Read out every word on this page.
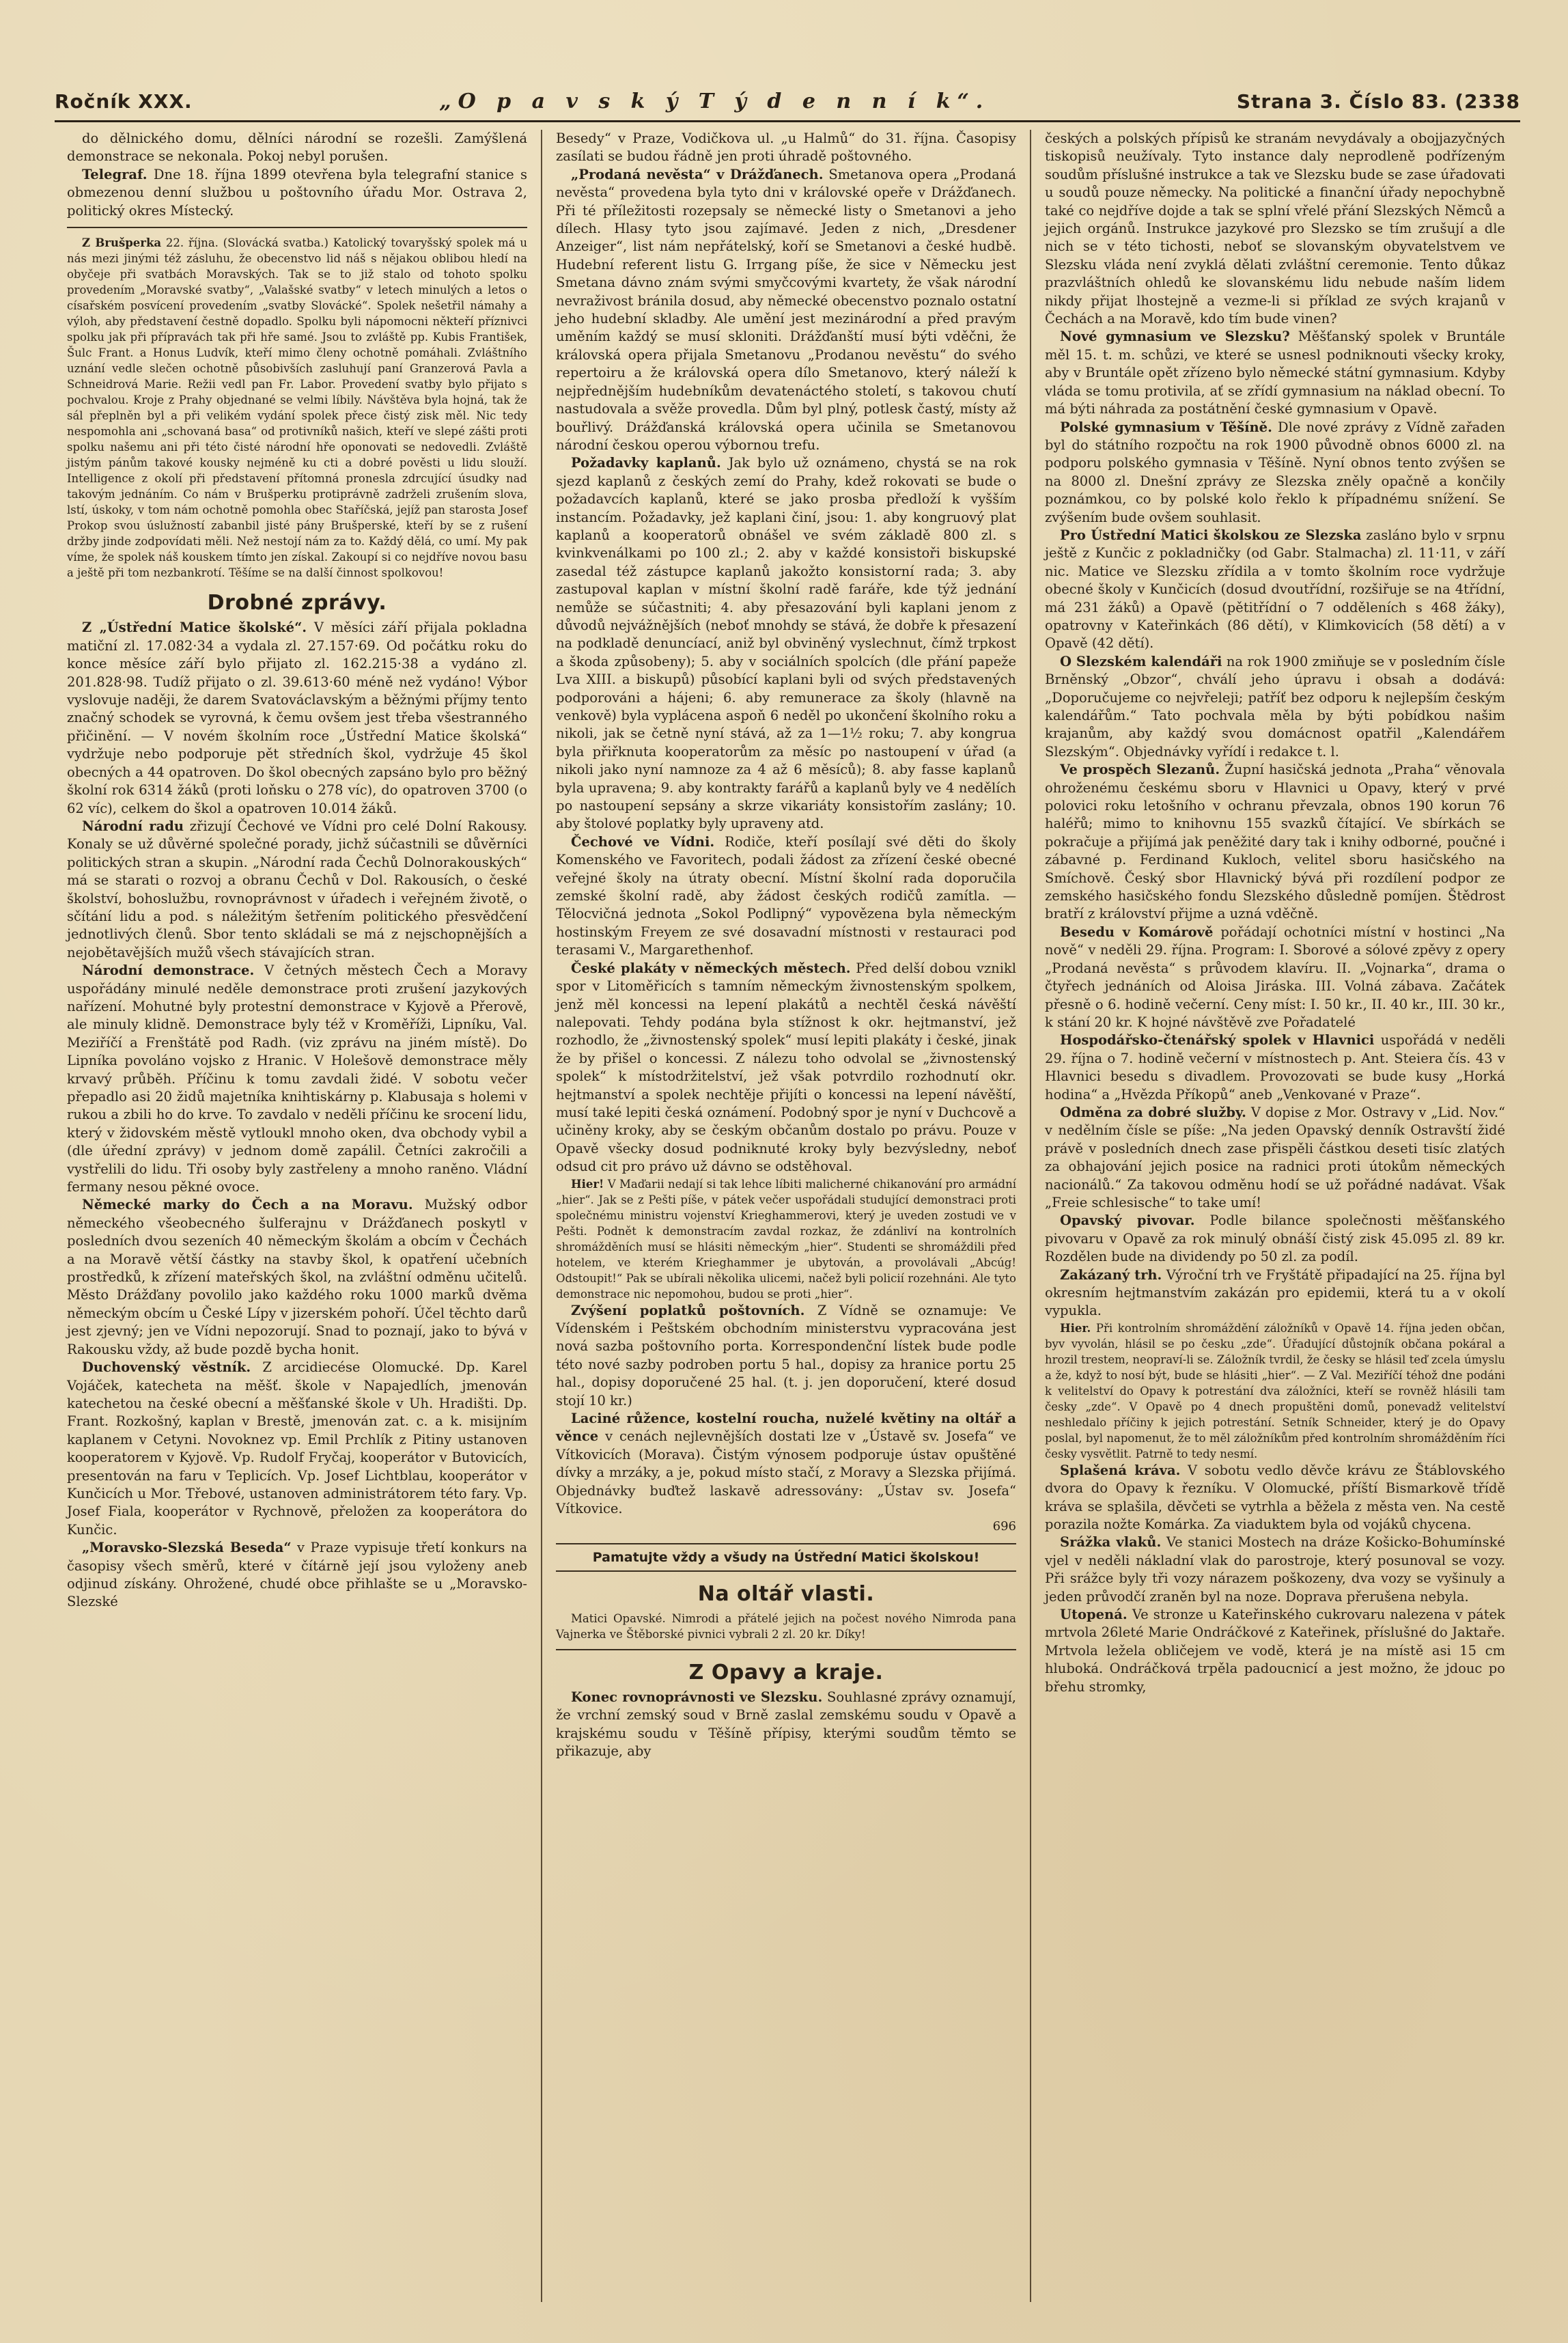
Ročník XXX.	„O p a v s k ý T ý d e n n í k“.	Strana 3. Číslo 83. (2338

do dělnického domu, dělníci národní se rozešli. Zamýšlená demonstrace se nekonala. Pokoj nebyl porušen.

Telegraf. Dne 18. října 1899 otevřena byla telegrafní stanice s obmezenou denní službou u poštovního úřadu Mor. Ostrava 2, politický okres Místecký.

Z Brušperka 22. října. (Slovácká svatba.) Katolický tovaryšský spolek má u nás mezi jinými též zásluhu, že obecenstvo lid náš s nějakou oblibou hledí na obyčeje při svatbách Moravských. Tak se to již stalo od tohoto spolku provedením „Moravské svatby“, „Valašské svatby“ v letech minulých a letos o císařském posvícení provedením „svatby Slovácké“. Spolek nešetřil námahy a výloh, aby představení čestně dopadlo. Spolku byli nápomocni někteří příznivci spolku jak při přípravách tak při hře samé. Jsou to zvláště pp. Kubis František, Šulc Frant. a Honus Ludvík, kteří mimo členy ochotně pomáhali. Zvláštního uznání vedle slečen ochotně působivších zasluhují paní Granzerová Pavla a Schneidrová Marie. Režii vedl pan Fr. Labor. Provedení svatby bylo přijato s pochvalou. Kroje z Prahy objednané se velmi líbily. Návštěva byla hojná, tak že sál přeplněn byl a při velikém vydání spolek přece čistý zisk měl. Nic tedy nespomohla ani „schovaná basa“ od protivníků našich, kteří ve slepé zášti proti spolku našemu ani při této čisté národní hře oponovati se nedovedli. Zvláště jistým pánům takové kousky nejméně ku cti a dobré pověsti u lidu slouží. Intelligence z okolí při představení přítomná pronesla zdrcující úsudky nad takovým jednáním. Co nám v Brušperku protiprávně zadrželi zrušením slova, lstí, úskoky, v tom nám ochotně pomohla obec Staříčská, jejíž pan starosta Josef Prokop svou úslužností zabanbil jisté pány Brušperské, kteří by se z rušení držby jinde zodpovídati měli. Než nestojí nám za to. Každý dělá, co umí. My pak víme, že spolek náš kouskem tímto jen získal. Zakoupí si co nejdříve novou basu a ještě při tom nezbankrotí. Těšíme se na další činnost spolkovou!

Drobné zprávy.

Z „Ústřední Matice školské“. V měsíci září přijala pokladna matiční zl. 17.082·34 a vydala zl. 27.157·69. Od počátku roku do konce měsíce září bylo přijato zl. 162.215·38 a vydáno zl. 201.828·98. Tudíž přijato o zl. 39.613·60 méně než vydáno! Výbor vyslovuje naději, že darem Svatováclavským a běžnými příjmy tento značný schodek se vyrovná, k čemu ovšem jest třeba všestranného přičinění. — V novém školním roce „Ústřední Matice školská“ vydržuje nebo podporuje pět středních škol, vydržuje 45 škol obecných a 44 opatroven. Do škol obecných zapsáno bylo pro běžný školní rok 6314 žáků (proti loňsku o 278 víc), do opatroven 3700 (o 62 víc), celkem do škol a opatroven 10.014 žáků.

Národní radu zřizují Čechové ve Vídni pro celé Dolní Rakousy. Konaly se už důvěrné společné porady, jichž súčastnili se důvěrníci politických stran a skupin. „Národní rada Čechů Dolnorakouských“ má se starati o rozvoj a obranu Čechů v Dol. Rakousích, o české školství, bohoslužbu, rovnoprávnost v úřadech i veřejném životě, o sčítání lidu a pod. s náležitým šetřením politického přesvědčení jednotlivých členů. Sbor tento skládali se má z nejschopnějších a nejobětavějších mužů všech stávajících stran.

Národní demonstrace. V četných městech Čech a Moravy uspořádány minulé neděle demonstrace proti zrušení jazykových nařízení. Mohutné byly protestní demonstrace v Kyjově a Přerově, ale minuly klidně. Demonstrace byly též v Kroměříži, Lipníku, Val. Meziříčí a Frenštátě pod Radh. (viz zprávu na jiném místě). Do Lipníka povoláno vojsko z Hranic. V Holešově demonstrace měly krvavý průběh. Příčinu k tomu zavdali židé. V sobotu večer přepadlo asi 20 židů majetníka knihtiskárny p. Klabusaja s holemi v rukou a zbili ho do krve. To zavdalo v neděli příčinu ke srocení lidu, který v židovském městě vytloukl mnoho oken, dva obchody vybil a (dle úřední zprávy) v jednom domě zapálil. Četníci zakročili a vystřelili do lidu. Tři osoby byly zastřeleny a mnoho raněno. Vládní fermany nesou pěkné ovoce.

Německé marky do Čech a na Moravu. Mužský odbor německého všeobecného šulferajnu v Drážďanech poskytl v posledních dvou sezeních 40 německým školám a obcím v Čechách a na Moravě větší částky na stavby škol, k opatření učebních prostředků, k zřízení mateřských škol, na zvláštní odměnu učitelů. Město Drážďany povolilo jako každého roku 1000 marků dvěma německým obcím u České Lípy v jizerském pohoří. Účel těchto darů jest zjevný; jen ve Vídni nepozorují. Snad to poznají, jako to bývá v Rakousku vždy, až bude pozdě bycha honit.

Duchovenský věstník. Z arcidiecése Olomucké. Dp. Karel Vojáček, katecheta na měšť. škole v Napajedlích, jmenován katechetou na české obecní a měšťanské škole v Uh. Hradišti. Dp. Frant. Rozkošný, kaplan v Brestě, jmenován zat. c. a k. misijním kaplanem v Cetyni. Novoknez vp. Emil Prchlík z Pitiny ustanoven kooperatorem v Kyjově. Vp. Rudolf Fryčaj, kooperátor v Butovicích, presentován na faru v Teplicích. Vp. Josef Lichtblau, kooperátor v Kunčicích u Mor. Třebové, ustanoven administrátorem této fary. Vp. Josef Fiala, kooperátor v Rychnově, přeložen za kooperátora do Kunčic.

„Moravsko-Slezská Beseda“ v Praze vypisuje třetí konkurs na časopisy všech směrů, které v čítárně její jsou vyloženy aneb odjinud získány. Ohrožené, chudé obce přihlašte se u „Moravsko-Slezské

Besedy“ v Praze, Vodičkova ul. „u Halmů“ do 31. října. Časopisy zasílati se budou řádně jen proti úhradě poštovného.

„Prodaná nevěsta“ v Drážďanech. Smetanova opera „Prodaná nevěsta“ provedena byla tyto dni v královské opeře v Drážďanech. Při té příležitosti rozepsaly se německé listy o Smetanovi a jeho dílech. Hlasy tyto jsou zajímavé. Jeden z nich, „Dresdener Anzeiger“, list nám nepřátelský, koří se Smetanovi a české hudbě. Hudební referent listu G. Irrgang píše, že sice v Německu jest Smetana dávno znám svými smyčcovými kvartety, že však národní nevraživost bránila dosud, aby německé obecenstvo poznalo ostatní jeho hudební skladby. Ale umění jest mezinárodní a před pravým uměním každý se musí skloniti. Drážďanští musí býti vděčni, že královská opera přijala Smetanovu „Prodanou nevěstu“ do svého repertoiru a že královská opera dílo Smetanovo, který náleží k nejpřednějším hudebníkům devatenáctého století, s takovou chutí nastudovala a svěže provedla. Dům byl plný, potlesk častý, místy až bouřlivý. Drážďanská královská opera učinila se Smetanovou národní českou operou výbornou trefu.

Požadavky kaplanů. Jak bylo už oznámeno, chystá se na rok sjezd kaplanů z českých zemí do Prahy, kdež rokovati se bude o požadavcích kaplanů, které se jako prosba předloží k vyšším instancím. Požadavky, jež kaplani činí, jsou: 1. aby kongruový plat kaplanů a kooperatorů obnášel ve svém základě 800 zl. s kvinkvenálkami po 100 zl.; 2. aby v každé konsistoři biskupské zasedal též zástupce kaplanů jakožto konsistorní rada; 3. aby zastupoval kaplan v místní školní radě faráře, kde týž jednání nemůže se súčastniti; 4. aby přesazování byli kaplani jenom z důvodů nejvážnějších (neboť mnohdy se stává, že dobře k přesazení na podkladě denuncíací, aniž byl obviněný vyslechnut, čímž trpkost a škoda způsobeny); 5. aby v sociálních spolcích (dle přání papeže Lva XIII. a biskupů) působící kaplani byli od svých představených podporováni a hájeni; 6. aby remunerace za školy (hlavně na venkově) byla vyplácena aspoň 6 neděl po ukončení školního roku a nikoli, jak se četně nyní stává, až za 1—1½ roku; 7. aby kongrua byla přiřknuta kooperatorům za měsíc po nastoupení v úřad (a nikoli jako nyní namnoze za 4 až 6 měsíců); 8. aby fasse kaplanů byla upravena; 9. aby kontrakty farářů a kaplanů byly ve 4 nedělích po nastoupení sepsány a skrze vikariáty konsistořím zaslány; 10. aby štolové poplatky byly upraveny atd.

Čechové ve Vídni. Rodiče, kteří posílají své děti do školy Komenského ve Favoritech, podali žádost za zřízení české obecné veřejné školy na útraty obecní. Místní školní rada doporučila zemské školní radě, aby žádost českých rodičů zamítla. — Tělocvičná jednota „Sokol Podlipný“ vypovězena byla německým hostinským Freyem ze své dosavadní místnosti v restauraci pod terasami V., Margarethenhof.

České plakáty v německých městech. Před delší dobou vznikl spor v Litoměřicích s tamním německým živnostenským spolkem, jenž měl koncessi na lepení plakátů a nechtěl česká návěští nalepovati. Tehdy podána byla stížnost k okr. hejtmanství, jež rozhodlo, že „živnostenský spolek“ musí lepiti plakáty i české, jinak že by přišel o koncessi. Z nálezu toho odvolal se „živnostenský spolek“ k místodržitelství, jež však potvrdilo rozhodnutí okr. hejtmanství a spolek nechtěje přijíti o koncessi na lepení návěští, musí také lepiti česká oznámení. Podobný spor je nyní v Duchcově a učiněny kroky, aby se českým občanům dostalo po právu. Pouze v Opavě všecky dosud podniknuté kroky byly bezvýsledny, neboť odsud cit pro právo už dávno se odstěhoval.

Hier! V Maďarii nedají si tak lehce líbiti malicherné chikanování pro armádní „hier“. Jak se z Pešti píše, v pátek večer uspořádali studující demonstraci proti společnému ministru vojenství Krieghammerovi, který je uveden zostudi ve v Pešti. Podnět k demonstracím zavdal rozkaz, že zdánliví na kontrolních shromážděních musí se hlásiti německým „hier“. Studenti se shromáždili před hotelem, ve kterém Krieghammer je ubytován, a provolávali „Abcúg! Odstoupit!“ Pak se ubírali několika ulicemi, načež byli policií rozehnáni. Ale tyto demonstrace nic nepomohou, budou se proti „hier“.

Zvýšení poplatků poštovních. Z Vídně se oznamuje: Ve Vídenském i Peštském obchodním ministerstvu vypracována jest nová sazba poštovního porta. Korrespondenční lístek bude podle této nové sazby podroben portu 5 hal., dopisy za hranice portu 25 hal., dopisy doporučené 25 hal. (t. j. jen doporučení, které dosud stojí 10 kr.)

Laciné růžence, kostelní roucha, nuželé květiny na oltář a věnce v cenách nejlevnějších dostati lze v „Ústavě sv. Josefa“ ve Vítkovicích (Morava). Čistým výnosem podporuje ústav opuštěné dívky a mrzáky, a je, pokud místo stačí, z Moravy a Slezska přijímá. Objednávky buďtež laskavě adressovány: „Ústav sv. Josefa“ Vítkovice.

696
Pamatujte vždy a všudy na Ústřední Matici školskou!
Na oltář vlasti.

Matici Opavské. Nimrodi a přátelé jejich na počest nového Nimroda pana Vajnerka ve Štěborské pivnici vybrali 2 zl. 20 kr. Díky!

Z Opavy a kraje.

Konec rovnoprávnosti ve Slezsku. Souhlasné zprávy oznamují, že vrchní zemský soud v Brně zaslal zemskému soudu v Opavě a krajskému soudu v Těšíně přípisy, kterými soudům těmto se přikazuje, aby

českých a polských přípisů ke stranám nevydávaly a obojjazyčných tiskopisů neužívaly. Tyto instance daly neprodleně podřízeným soudům příslušné instrukce a tak ve Slezsku bude se zase úřadovati u soudů pouze německy. Na politické a finanční úřady nepochybně také co nejdříve dojde a tak se splní vřelé přání Slezských Němců a jejich orgánů. Instrukce jazykové pro Slezsko se tím zrušují a dle nich se v této tichosti, neboť se slovanským obyvatelstvem ve Slezsku vláda není zvyklá dělati zvláštní ceremonie. Tento důkaz prazvláštních ohledů ke slovanskému lidu nebude naším lidem nikdy přijat lhostejně a vezme-li si příklad ze svých krajanů v Čechách a na Moravě, kdo tím bude vinen?

Nové gymnasium ve Slezsku? Měšťanský spolek v Bruntále měl 15. t. m. schůzi, ve které se usnesl podniknouti všecky kroky, aby v Bruntále opět zřízeno bylo německé státní gymnasium. Kdyby vláda se tomu protivila, ať se zřídí gymnasium na náklad obecní. To má býti náhrada za postátnění české gymnasium v Opavě.

Polské gymnasium v Těšíně. Dle nové zprávy z Vídně zařaden byl do státního rozpočtu na rok 1900 původně obnos 6000 zl. na podporu polského gymnasia v Těšíně. Nyní obnos tento zvýšen se na 8000 zl. Dnešní zprávy ze Slezska zněly opačně a končily poznámkou, co by polské kolo řeklo k případnému snížení. Se zvýšením bude ovšem souhlasit.

Pro Ústřední Matici školskou ze Slezska zasláno bylo v srpnu ještě z Kunčic z pokladničky (od Gabr. Stalmacha) zl. 11·11, v září nic. Matice ve Slezsku zřídila a v tomto školním roce vydržuje obecné školy v Kunčicích (dosud dvoutřídní, rozšiřuje se na 4třídní, má 231 žáků) a Opavě (pětitřídní o 7 odděleních s 468 žáky), opatrovny v Kateřinkách (86 dětí), v Klimkovicích (58 dětí) a v Opavě (42 dětí).

O Slezském kalendáři na rok 1900 zmiňuje se v posledním čísle Brněnský „Obzor“, chválí jeho úpravu i obsah a dodává: „Doporučujeme co nejvřeleji; patříť bez odporu k nejlepším českým kalendářům.“ Tato pochvala měla by býti pobídkou našim krajanům, aby každý svou domácnost opatřil „Kalendářem Slezským“. Objednávky vyřídí i redakce t. l.

Ve prospěch Slezanů. Župní hasičská jednota „Praha“ věnovala ohroženému českému sboru v Hlavnici u Opavy, který v prvé polovici roku letošního v ochranu převzala, obnos 190 korun 76 haléřů; mimo to knihovnu 155 svazků čítající. Ve sbírkách se pokračuje a přijímá jak peněžité dary tak i knihy odborné, poučné i zábavné p. Ferdinand Kukloch, velitel sboru hasičského na Smíchově. Český sbor Hlavnický bývá při rozdílení podpor ze zemského hasičského fondu Slezského důsledně pomíjen. Štědrost bratří z království přijme a uzná vděčně.

Besedu v Komárově pořádají ochotníci místní v hostinci „Na nově“ v neděli 29. října. Program: I. Sborové a sólové zpěvy z opery „Prodaná nevěsta“ s průvodem klavíru. II. „Vojnarka“, drama o čtyřech jednáních od Aloisa Jiráska. III. Volná zábava. Začátek přesně o 6. hodině večerní. Ceny míst: I. 50 kr., II. 40 kr., III. 30 kr., k stání 20 kr. K hojné návštěvě zve Pořadatelé

Hospodářsko-čtenářský spolek v Hlavnici uspořádá v neděli 29. října o 7. hodině večerní v místnostech p. Ant. Steiera čís. 43 v Hlavnici besedu s divadlem. Provozovati se bude kusy „Horká hodina“ a „Hvězda Příkopů“ aneb „Venkované v Praze“.

Odměna za dobré služby. V dopise z Mor. Ostravy v „Lid. Nov.“ v nedělním čísle se píše: „Na jeden Opavský denník Ostravští židé právě v posledních dnech zase přispěli částkou deseti tisíc zlatých za obhajování jejich posice na radnici proti útokům německých nacionálů.“ Za takovou odměnu hodí se už pořádné nadávat. Však „Freie schlesische“ to take umí!

Opavský pivovar. Podle bilance společnosti měšťanského pivovaru v Opavě za rok minulý obnáší čistý zisk 45.095 zl. 89 kr. Rozdělen bude na dividendy po 50 zl. za podíl.

Zakázaný trh. Výroční trh ve Fryštátě připadající na 25. října byl okresním hejtmanstvím zakázán pro epidemii, která tu a v okolí vypukla.

Hier. Při kontrolním shromáždění záložníků v Opavě 14. října jeden občan, byv vyvolán, hlásil se po česku „zde“. Úřadující důstojník občana pokáral a hrozil trestem, neopraví-li se. Záložník tvrdil, že česky se hlásil teď zcela úmyslu a že, když to nosí být, bude se hlásiti „hier“. — Z Val. Meziříčí téhož dne podáni k velitelství do Opavy k potrestání dva záložníci, kteří se rovněž hlásili tam česky „zde“. V Opavě po 4 dnech propuštěni domů, ponevadž velitelství neshledalo příčiny k jejich potrestání. Setník Schneider, který je do Opavy poslal, byl napomenut, že to měl záložníkům před kontrolním shromážděním říci česky vysvětlit. Patrně to tedy nesmí.

Splašená kráva. V sobotu vedlo děvče krávu ze Štáblovského dvora do Opavy k řezníku. V Olomucké, příští Bismarkově třídě kráva se splašila, děvčeti se vytrhla a běžela z města ven. Na cestě porazila nožte Komárka. Za viaduktem byla od vojáků chycena.

Srážka vlaků. Ve stanici Mostech na dráze Košicko-Bohumínské vjel v neděli nákladní vlak do parostroje, který posunoval se vozy. Při srážce byly tři vozy nárazem poškozeny, dva vozy se vyšinuly a jeden průvodčí zraněn byl na noze. Doprava přerušena nebyla.

Utopená. Ve stronze u Kateřinského cukrovaru nalezena v pátek mrtvola 26leté Marie Ondráčkové z Kateřinek, příslušné do Jaktaře. Mrtvola ležela obličejem ve vodě, která je na místě asi 15 cm hluboká. Ondráčková trpěla padoucnicí a jest možno, že jdouc po břehu stromky,
